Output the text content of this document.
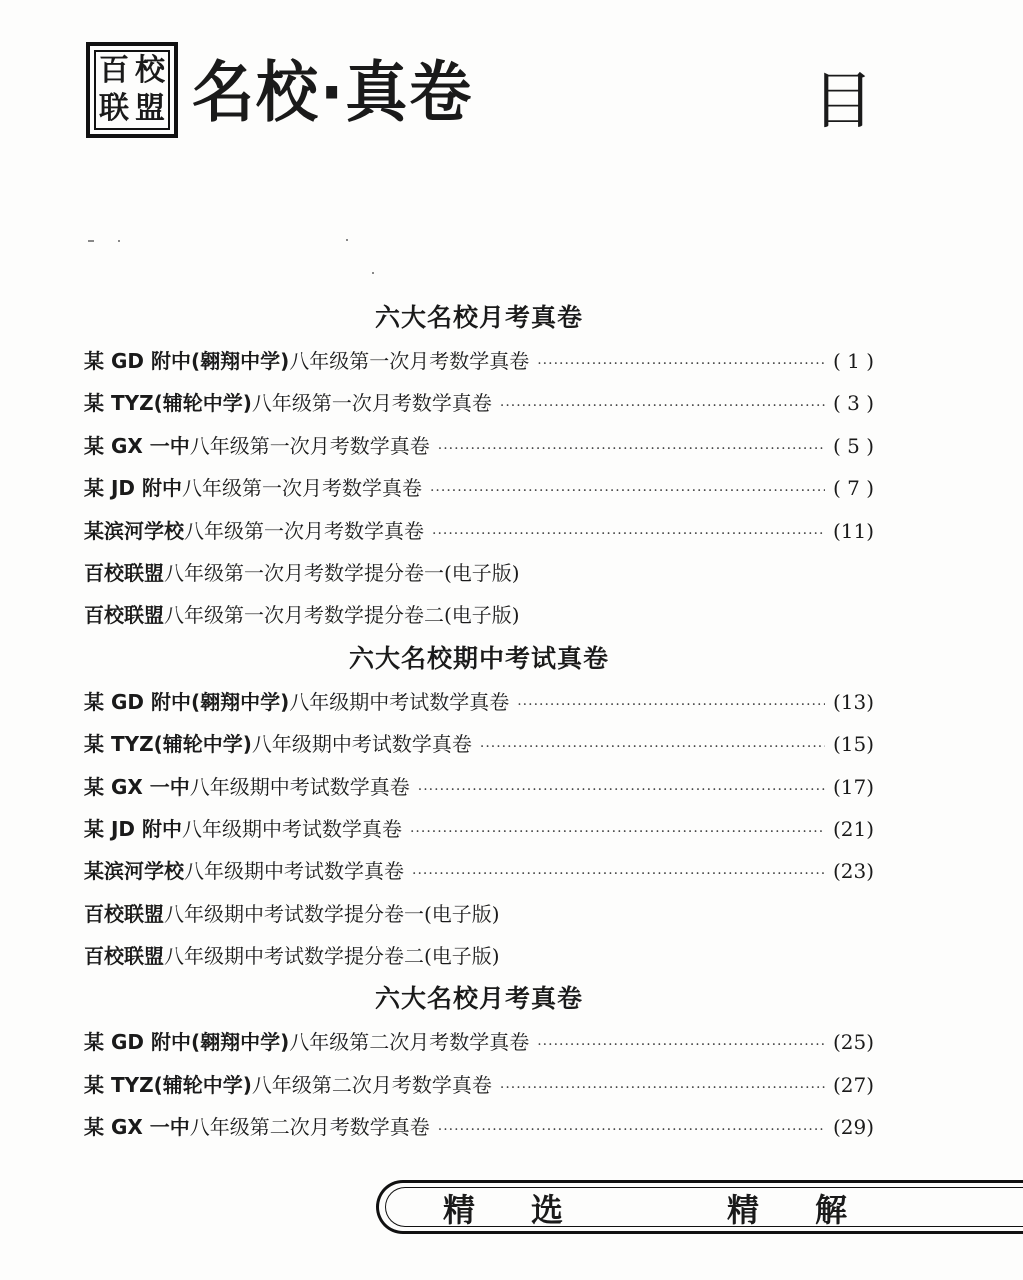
百 校
联 盟 名校·真卷	目
六大名校月考真卷
某 GD 附中(翱翔中学)八年级第一次月考数学真卷 ·····	( 1 )
某 TYZ(辅轮中学)八年级第一次月考数学真卷 ·····	( 3 )
某 GX 一中八年级第一次月考数学真卷 ·····	( 5 )
某 JD 附中八年级第一次月考数学真卷 ·····	( 7 )
某滨河学校八年级第一次月考数学真卷 ·····	(11)
百校联盟八年级第一次月考数学提分卷一(电子版)
百校联盟八年级第一次月考数学提分卷二(电子版)
六大名校期中考试真卷
某 GD 附中(翱翔中学)八年级期中考试数学真卷 ·····	(13)
某 TYZ(辅轮中学)八年级期中考试数学真卷 ·····	(15)
某 GX 一中八年级期中考试数学真卷 ·····	(17)
某 JD 附中八年级期中考试数学真卷 ·····	(21)
某滨河学校八年级期中考试数学真卷 ·····	(23)
百校联盟八年级期中考试数学提分卷一(电子版)
百校联盟八年级期中考试数学提分卷二(电子版)
六大名校月考真卷
某 GD 附中(翱翔中学)八年级第二次月考数学真卷 ·····	(25)
某 TYZ(辅轮中学)八年级第二次月考数学真卷 ·····	(27)
某 GX 一中八年级第二次月考数学真卷 ·····	(29)
精 选	精 解
